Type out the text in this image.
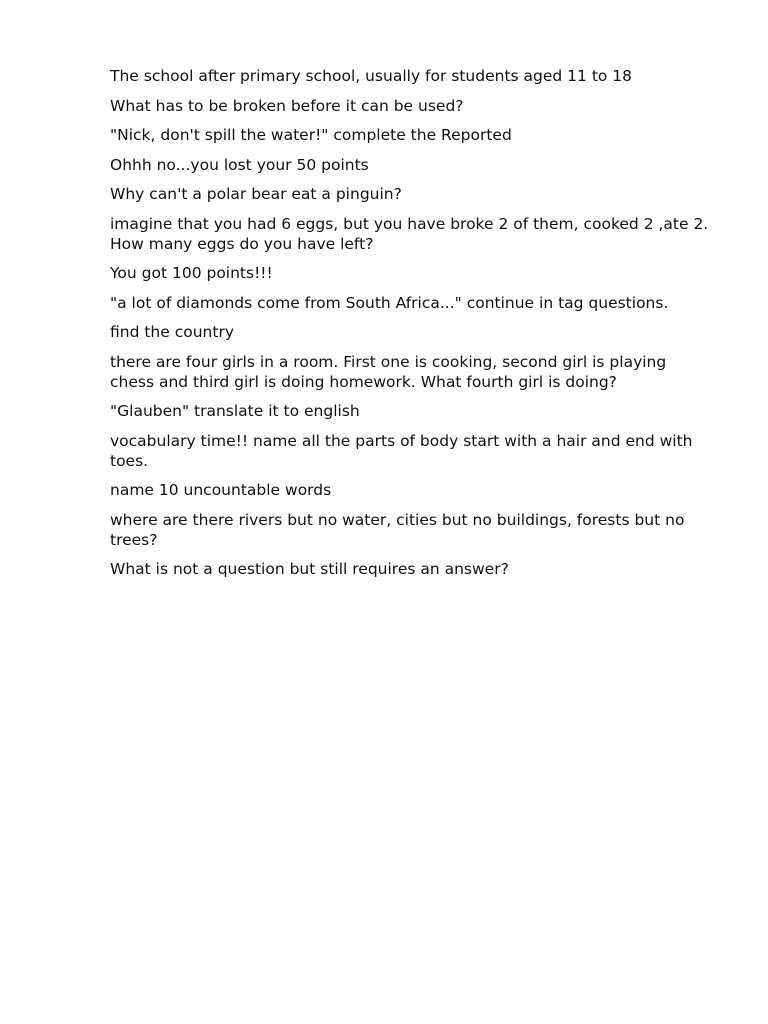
The school after primary school, usually for students aged 11 to 18

What has to be broken before it can be used?

"Nick, don't spill the water!" complete the Reported

Ohhh no...you lost your 50 points

Why can't a polar bear eat a pinguin?

imagine that you had 6 eggs, but you have broke 2 of them, cooked 2 ,ate 2. How many eggs do you have left?

You got 100 points!!!

"a lot of diamonds come from South Africa..." continue in tag questions.

find the country

there are four girls in a room. First one is cooking, second girl is playing chess and third girl is doing homework. What fourth girl is doing?

"Glauben" translate it to english

vocabulary time!! name all the parts of body start with a hair and end with toes.

name 10 uncountable words

where are there rivers but no water, cities but no buildings, forests but no trees?

What is not a question but still requires an answer?
